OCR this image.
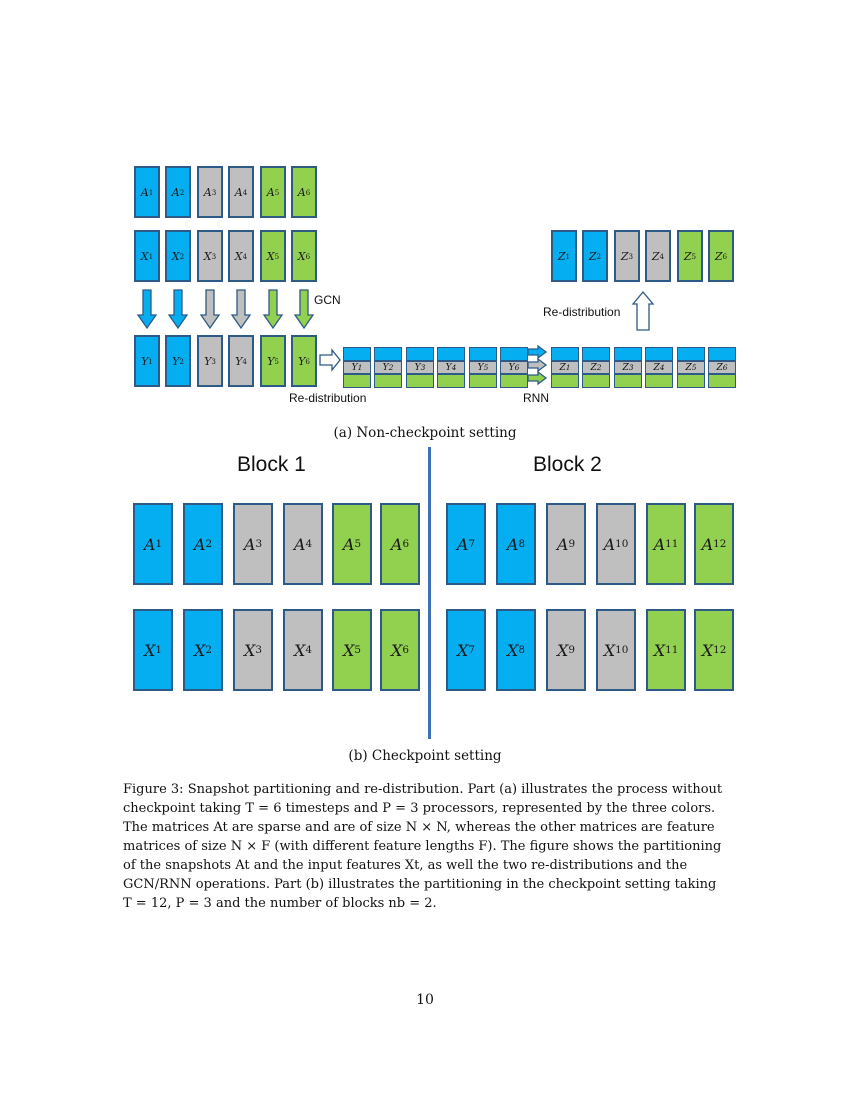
A 1	A 2	A 3	A 4	A 5	A 6
X 1	X 2	X 3	X 4	X 5	X 6
Y 1	Y 2	Y 3	Y 4	Y 5	Y 6
Z 1	Z 2	Z 3	Z 4	Z 5	Z 6
Y 1	Y 2	Y 3	Y 4	Y 5	Y 6	Z 1	Z 2	Z 3	Z 4	Z 5	Z 6
GCN
Re-distribution
Re-distribution	RNN
(a) Non-checkpoint setting
Block 1	Block 2
A 1	A 2	A 3	A 4	A 5	A 6	A 7	A 8	A 9	A 10	A 11	A 12
X 1	X 2	X 3	X 4	X 5	X 6	X 7	X 8	X 9	X 10	X 11	X 12
(b) Checkpoint setting
Figure 3: Snapshot partitioning and re-distribution. Part (a) illustrates the process without
checkpoint taking T = 6 timesteps and P = 3 processors, represented by the three colors.
The matrices At are sparse and are of size N × N, whereas the other matrices are feature
matrices of size N × F (with different feature lengths F). The figure shows the partitioning
of the snapshots At and the input features Xt, as well the two re-distributions and the
GCN/RNN operations. Part (b) illustrates the partitioning in the checkpoint setting taking
T = 12, P = 3 and the number of blocks nb = 2.
10
